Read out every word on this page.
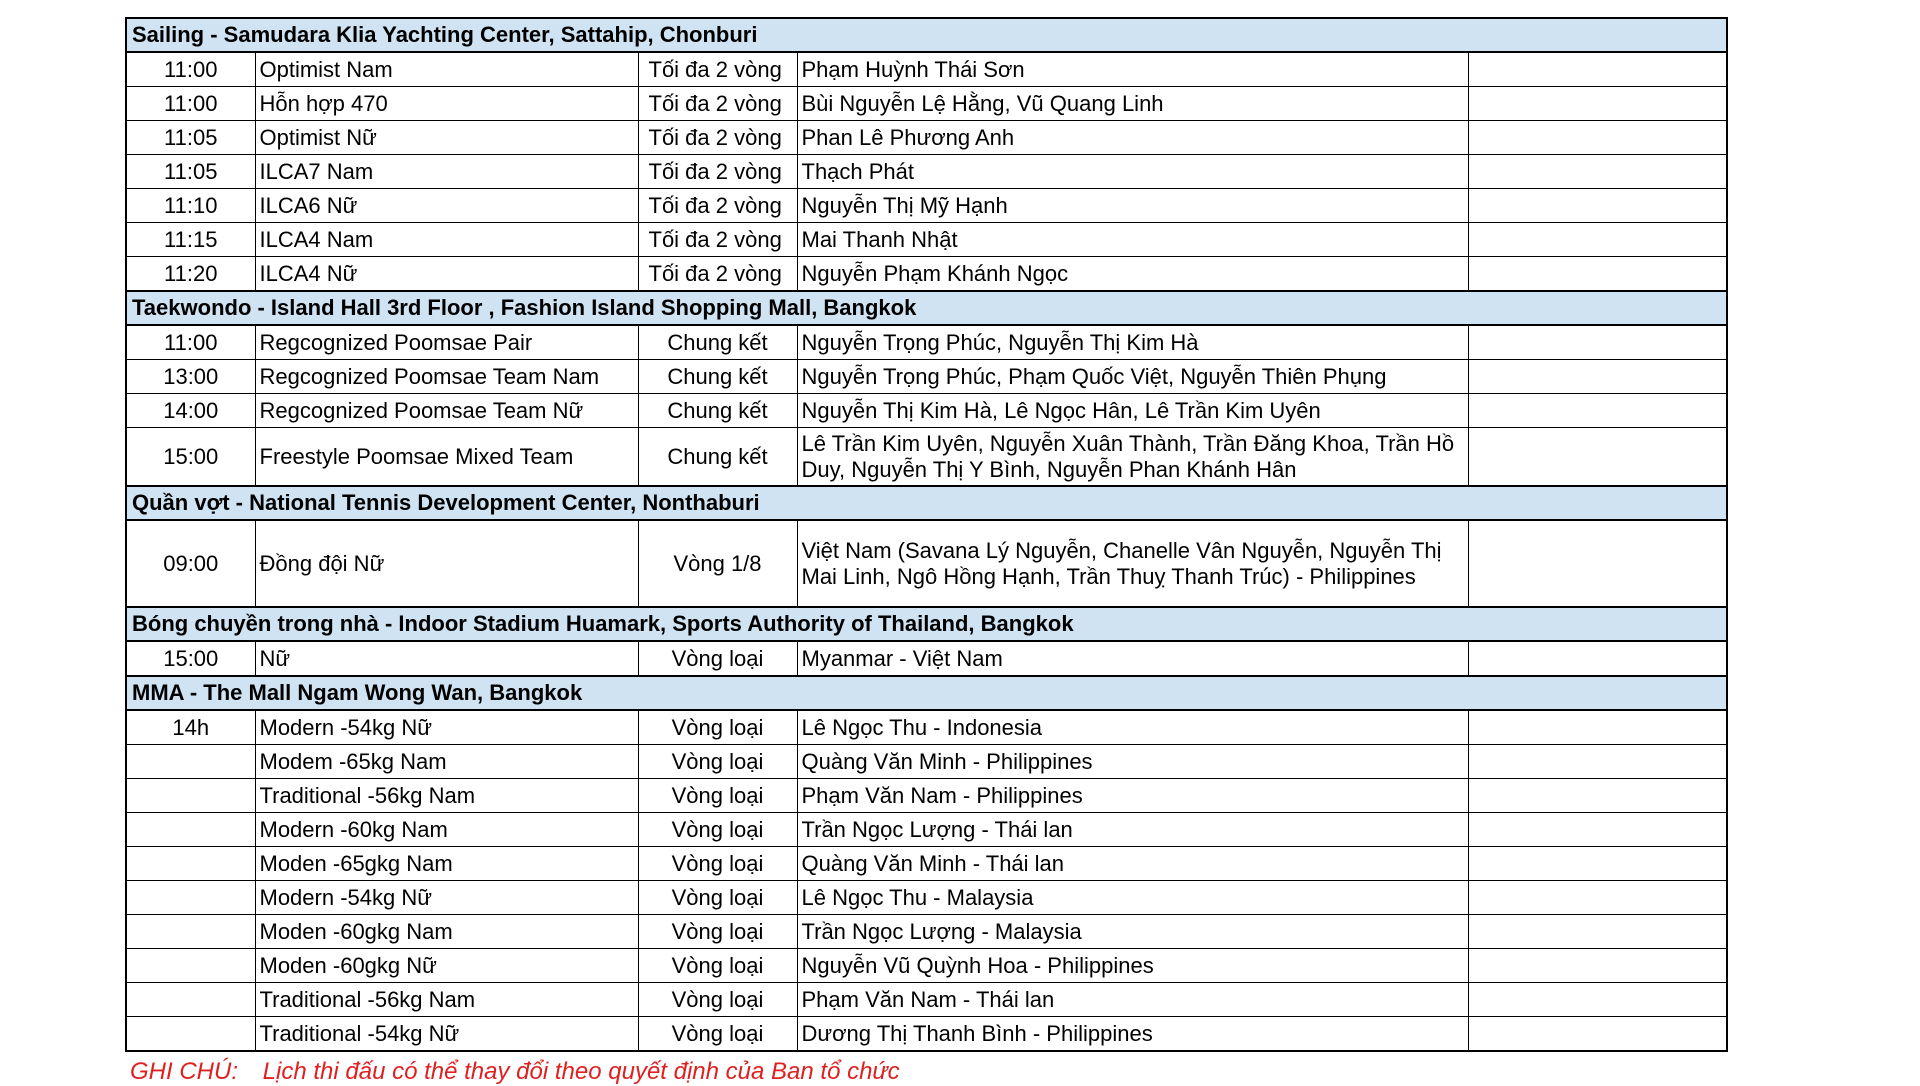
Sailing - Samudara Klia Yachting Center, Sattahip, Chonburi				
11:00	Optimist Nam	Tối đa 2 vòng	Phạm Huỳnh Thái Sơn	
11:00	Hỗn hợp 470	Tối đa 2 vòng	Bùi Nguyễn Lệ Hằng, Vũ Quang Linh	
11:05	Optimist Nữ	Tối đa 2 vòng	Phan Lê Phương Anh	
11:05	ILCA7 Nam	Tối đa 2 vòng	Thạch Phát	
11:10	ILCA6 Nữ	Tối đa 2 vòng	Nguyễn Thị Mỹ Hạnh	
11:15	ILCA4 Nam	Tối đa 2 vòng	Mai Thanh Nhật	
11:20	ILCA4 Nữ	Tối đa 2 vòng	Nguyễn Phạm Khánh Ngọc	
Taekwondo - Island Hall 3rd Floor , Fashion Island Shopping Mall, Bangkok				
11:00	Regcognized Poomsae Pair	Chung kết	Nguyễn Trọng Phúc, Nguyễn Thị Kim Hà	
13:00	Regcognized Poomsae Team Nam	Chung kết	Nguyễn Trọng Phúc, Phạm Quốc Việt, Nguyễn Thiên Phụng	
14:00	Regcognized Poomsae Team Nữ	Chung kết	Nguyễn Thị Kim Hà, Lê Ngọc Hân, Lê Trần Kim Uyên	
15:00	Freestyle Poomsae Mixed Team	Chung kết	Lê Trần Kim Uyên, Nguyễn Xuân Thành, Trần Đăng Khoa, Trần Hồ Duy, Nguyễn Thị Y Bình, Nguyễn Phan Khánh Hân	
Quần vợt - National Tennis Development Center, Nonthaburi				
09:00	Đồng đội Nữ	Vòng 1/8	Việt Nam (Savana Lý Nguyễn, Chanelle Vân Nguyễn, Nguyễn Thị Mai Linh, Ngô Hồng Hạnh, Trần Thuỵ Thanh Trúc) - Philippines	
Bóng chuyền trong nhà - Indoor Stadium Huamark, Sports Authority of Thailand, Bangkok				
15:00	Nữ	Vòng loại	Myanmar - Việt Nam	
MMA - The Mall Ngam Wong Wan, Bangkok				
14h	Modern -54kg Nữ	Vòng loại	Lê Ngọc Thu - Indonesia	
	Modem -65kg Nam	Vòng loại	Quàng Văn Minh - Philippines	
	Traditional -56kg Nam	Vòng loại	Phạm Văn Nam - Philippines	
	Modern -60kg Nam	Vòng loại	Trần Ngọc Lượng - Thái lan	
	Moden -65gkg Nam	Vòng loại	Quàng Văn Minh - Thái lan	
	Modern -54kg Nữ	Vòng loại	Lê Ngọc Thu - Malaysia	
	Moden -60gkg Nam	Vòng loại	Trần Ngọc Lượng - Malaysia	
	Moden -60gkg Nữ	Vòng loại	Nguyễn Vũ Quỳnh Hoa - Philippines	
	Traditional -56kg Nam	Vòng loại	Phạm Văn Nam - Thái lan	
	Traditional -54kg Nữ	Vòng loại	Dương Thị Thanh Bình - Philippines	
GHI CHÚ: Lịch thi đấu có thể thay đổi theo quyết định của Ban tổ chức
